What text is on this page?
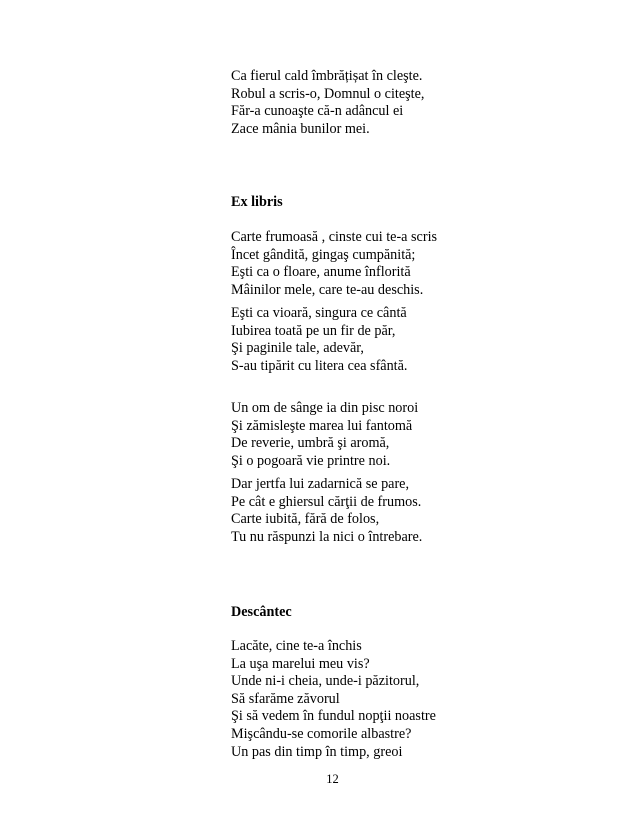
Ca fierul cald îmbrățișat în cleşte.
Robul a scris-o, Domnul o citeşte,
Făr-a cunoaşte că-n adâncul ei
Zace mânia bunilor mei.
Ex libris
Carte frumoasă , cinste cui te-a scris
Încet gândită, gingaş cumpănită;
Eşti ca o floare, anume înflorită
Mâinilor mele, care te-au deschis.
Eşti ca vioară, singura ce cântă
Iubirea toată pe un fir de păr,
Şi paginile tale, adevăr,
S-au tipărit cu litera cea sfântă.
Un om de sânge ia din pisc noroi
Şi zămisleşte marea lui fantomă
De reverie, umbră şi aromă,
Şi o pogoară vie printre noi.
Dar jertfa lui zadarnică se pare,
Pe cât e ghiersul cărţii de frumos.
Carte iubită, fără de folos,
Tu nu răspunzi la nici o întrebare.
Descântec
Lacăte, cine te-a închis
La uşa marelui meu vis?
Unde ni-i cheia, unde-i păzitorul,
Să sfarăme zăvorul
Şi să vedem în fundul nopţii noastre
Mişcându-se comorile albastre?
Un pas din timp în timp, greoi
12
